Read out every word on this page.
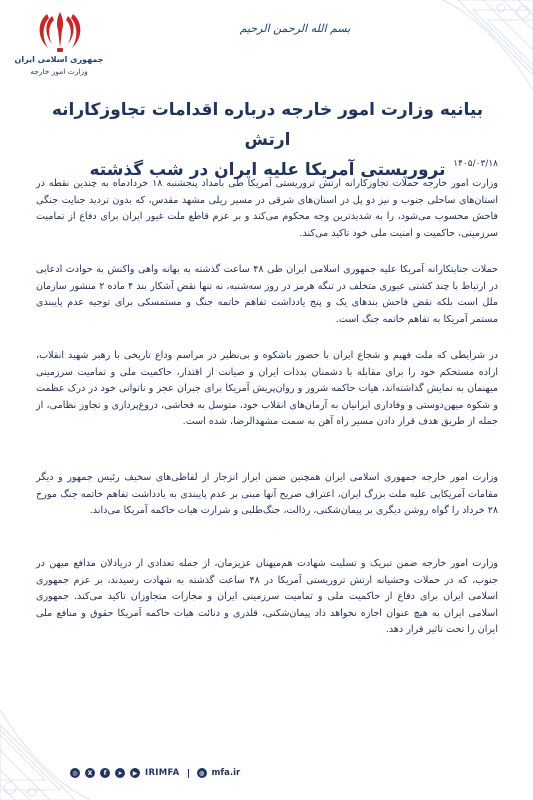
جمهوری اسلامی ایران
وزارت امور خارجه
بسم الله الرحمن الرحیم
بیانیه وزارت امور خارجه درباره اقدامات تجاوزکارانه ارتش
تروریستی آمریکا علیه ایران در شب گذشته ۱۴۰۵/۰۳/۱۸
وزارت امور خارجه حملات تجاوزکارانه ارتش تروریستی آمریکا طی بامداد پنجشنبه ۱۸ خردادماه به چندین نقطه در استان‌های ساحلی جنوب و نیز دو پل در استان‌های شرقی در مسیر ریلی مشهد مقدس، که بدون تردید جنایت جنگی فاحش محسوب می‌شود، را به شدیدترین وجه محکوم می‌کند و بر عزم قاطع ملت غیور ایران برای دفاع از تمامیت سرزمینی، حاکمیت و امنیت ملی خود تاکید می‌کند.
حملات جنایتکارانه آمریکا علیه جمهوری اسلامی ایران طی ۴۸ ساعت گذشته به بهانه واهی واکنش به حوادث ادعایی در ارتباط با چند کشتی عبوری متخلف در تنگه هرمز در روز سه‌شنبه، نه تنها نقض آشکار بند ۴ ماده ۲ منشور سازمان ملل است بلکه نقض فاحش بندهای یک و پنج یادداشت تفاهم خاتمه جنگ و مستمسکی برای توجیه عدم پایبندی مستمر آمریکا به تفاهم خاتمه جنگ است.
در شرایطی که ملت فهیم و شجاع ایران با حضور باشکوه و بی‌نظیر در مراسم وداع تاریخی با رهبر شهید انقلاب، اراده مستحکم خود را برای مقابله با دشمنان بدذات ایران و صیانت از اقتدار، حاکمیت ملی و تمامیت سرزمینی میهنمان به نمایش گذاشته‌اند، هیات حاکمه شرور و روان‌پریش آمریکا برای جبران عجز و ناتوانی خود در درک عظمت و شکوه میهن‌دوستی و وفاداری ایرانیان به آرمان‌های انقلاب خود، متوسل به فحاشی، دروغ‌پردازی و تجاوز نظامی، از جمله از طریق هدف قرار دادن مسیر راه آهن به سمت مشهدالرضا، شده است.
وزارت امور خارجه جمهوری اسلامی ایران همچنین ضمن ابراز انزجار از لفاظی‌های سخیف رئیس جمهور و دیگر مقامات آمریکایی علیه ملت بزرگ ایران، اعتراف صریح آنها مبنی بر عدم پایبندی به یادداشت تفاهم خاتمه جنگ مورخ ۲۸ خرداد را گواه روشن دیگری بر پیمان‌شکنی، رذالت، جنگ‌طلبی و شرارت هیات حاکمه آمریکا می‌داند.
وزارت امور خارجه ضمن تبریک و تسلیت شهادت هم‌میهنان عزیزمان، از جمله تعدادی از دریادلان مدافع میهن در جنوب، که در حملات وحشیانه ارتش تروریستی آمریکا در ۴۸ ساعت گذشته به شهادت رسیدند، بر عزم جمهوری اسلامی ایران برای دفاع از حاکمیت ملی و تمامیت سرزمینی ایران و مجازات متجاوزان تاکید می‌کند. جمهوری اسلامی ایران به هیچ عنوان اجازه نخواهد داد پیمان‌شکنی، قلدری و دنائت هیات حاکمه آمریکا حقوق و منافع ملی ایران را تحت تاثیر قرار دهد.
◎	X	f	➤	▶ IRIMFA	◍ mfa.ir
